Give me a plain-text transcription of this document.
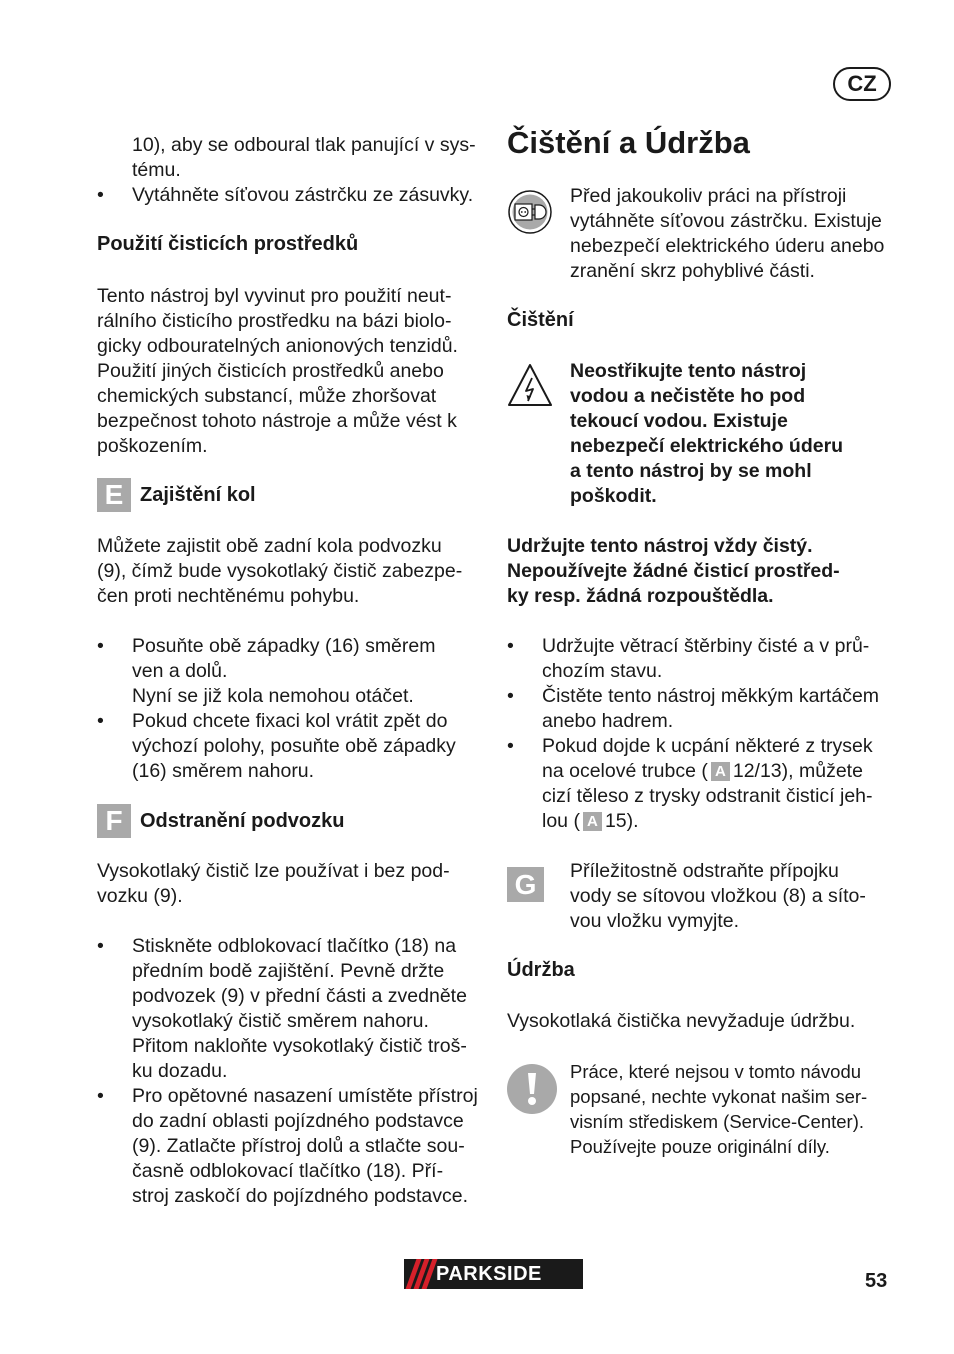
CZ
10), aby se odboural tlak panující v sys-
tému.
•	Vytáhněte síťovou zástrčku ze zásuvky.
Použití čisticích prostředků
Tento nástroj byl vyvinut pro použití neut-
rálního čisticího prostředku na bázi biolo-
gicky odbouratelných anionových tenzidů.
Použití jiných čisticích prostředků anebo
chemických substancí, může zhoršovat
bezpečnost tohoto nástroje a může vést k
poškozením.
E Zajištění kol
Můžete zajistit obě zadní kola podvozku
(9), čímž bude vysokotlaký čistič zabezpe-
čen proti nechtěnému pohybu.
•	Posuňte obě západky (16) směrem
ven a dolů.
Nyní se již kola nemohou otáčet.
•	Pokud chcete fixaci kol vrátit zpět do
výchozí polohy, posuňte obě západky
(16) směrem nahoru.
F Odstranění podvozku
Vysokotlaký čistič lze používat i bez pod-
vozku (9).
•	Stiskněte odblokovací tlačítko (18) na
předním bodě zajištění. Pevně držte
podvozek (9) v přední části a zvedněte
vysokotlaký čistič směrem nahoru.
Přitom nakloňte vysokotlaký čistič troš-
ku dozadu.
•	Pro opětovné nasazení umístěte přístroj
do zadní oblasti pojízdného podstavce
(9). Zatlačte přístroj dolů a stlačte sou-
časně odblokovací tlačítko (18). Pří-
stroj zaskočí do pojízdného podstavce.
Čištění a Údržba
Před jakoukoliv práci na přístroji
vytáhněte síťovou zástrčku. Existuje
nebezpečí elektrického úderu anebo
zranění skrz pohyblivé části.
Čištění
Neostřikujte tento nástroj
vodou a nečistěte ho pod
tekoucí vodou. Existuje
nebezpečí elektrického úderu
a tento nástroj by se mohl
poškodit.
Udržujte tento nástroj vždy čistý.
Nepoužívejte žádné čisticí prostřed-
ky resp. žádná rozpouštědla.
•	Udržujte větrací štěrbiny čisté a v prů-
chozím stavu.
•	Čistěte tento nástroj měkkým kartáčem
anebo hadrem.
•	Pokud dojde k ucpání některé z trysek
na ocelové trubce ( A 12/13), můžete
cizí těleso z trysky odstranit čisticí jeh-
lou ( A 15).
G	Příležitostně odstraňte přípojku
vody se sítovou vložkou (8) a síto-
vou vložku vymyjte.
Údržba
Vysokotlaká čistička nevyžaduje údržbu.
Práce, které nejsou v tomto návodu
popsané, nechte vykonat našim ser-
visním střediskem (Service-Center).
Používejte pouze originální díly.
PARKSIDE	53
